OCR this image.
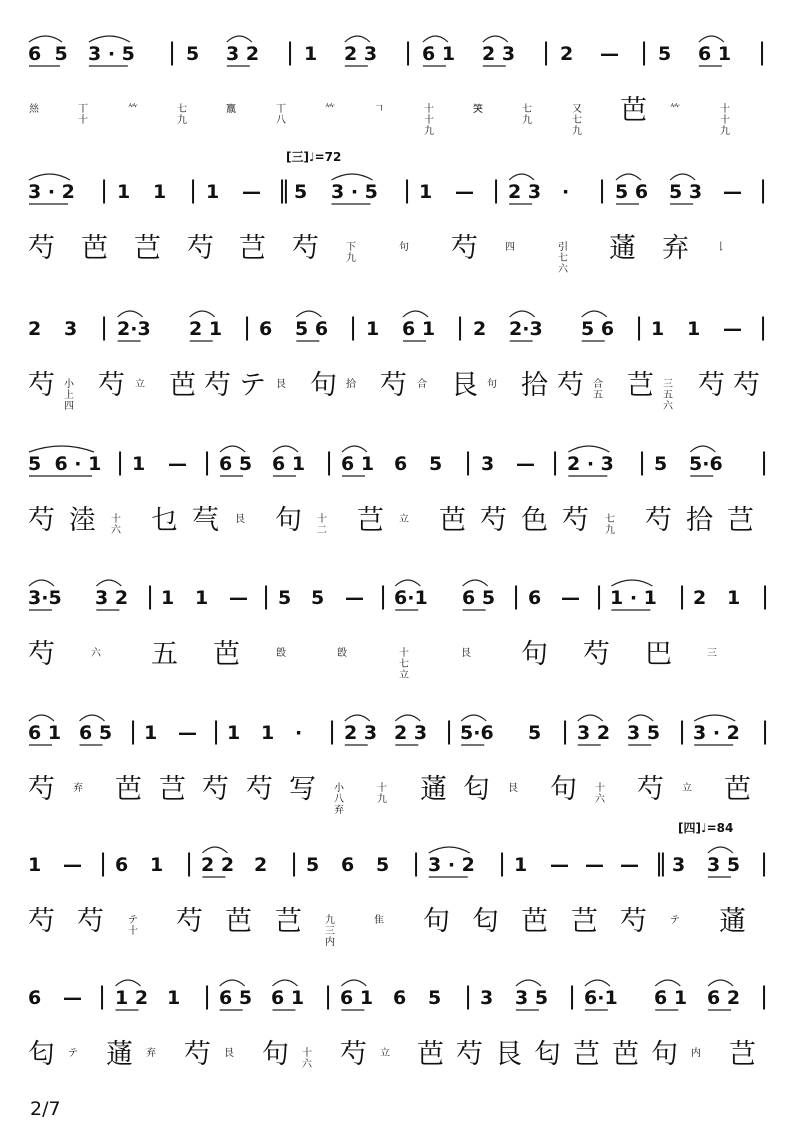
6  5 3 · 5 | 5 3 2 | 1 2 3 | 6 1 2 3 | 2 — | 5 6 1 |
𢇁	丅十
𥫗	七九
𣎆	丅八
𥫗	𠃍	十十九
𥬇	七九
又七九
芭 𥫗	十十九
[三]♩=72
3 · 2 | 1 1 | 1 — ‖ 5 3 · 5 | 1 — | 2 3 · | 5 6 5 3 — |
芍 芭 芑 芍 芑 芍	下九
句 芍	四	引七六
蓪 弃	𠄌
2 3 | 2·3 2 1 | 6 5 6 | 1 6 1 | 2 2·3 5 6 | 1 1 — |
芍 小上四
芍 立 芭 芍 テ 艮 句 拾 芍 合 艮 句 拾 芍 合五 芑 三五六
芍 芍
5  6 · 1 | 1 — | 6 5 6 1 | 6 1 6 5 | 3 — | 2 · 3 | 5 5·6 |
芍 淕 十六 乜 芞 艮 句 十二 芑 立 芭 芍 色 芍 七九 芍 拾 芑
3·5 3 2 | 1 1 — | 5 5 — | 6·1 6 5 | 6 — | 1 · 1 | 2 1 |
芍	六 五 芭	𣪘	𣪘	十七立
艮 句 芍 巴	三
6 1 6 5 | 1 — | 1 1 · | 2 3 2 3 | 5·6 5 | 3 2 3 5 | 3 · 2 |
芍 弃 芭 芑 芍 芍 写 小八弃
十九 蓪 匂 艮 句 十六 芍 立 芭
[四]♩=84
1 — | 6 1 | 2 2 2 | 5 6 5 | 3 · 2 | 1 — — — ‖ 3 3 5 |
芍 芍 テ十 芍 芭 芑 九三内
隹 句 匂 芭 芑 芍 テ 蓪
6 — | 1 2 1 | 6 5 6 1 | 6 1 6 5 | 3 3 5 | 6·1 6 1 6 2 |
匂 テ 蓪 弃 芍 艮 句 十六 芍 立 芭 芍 艮 匂 芑 芭 句 内 芑
2/7
